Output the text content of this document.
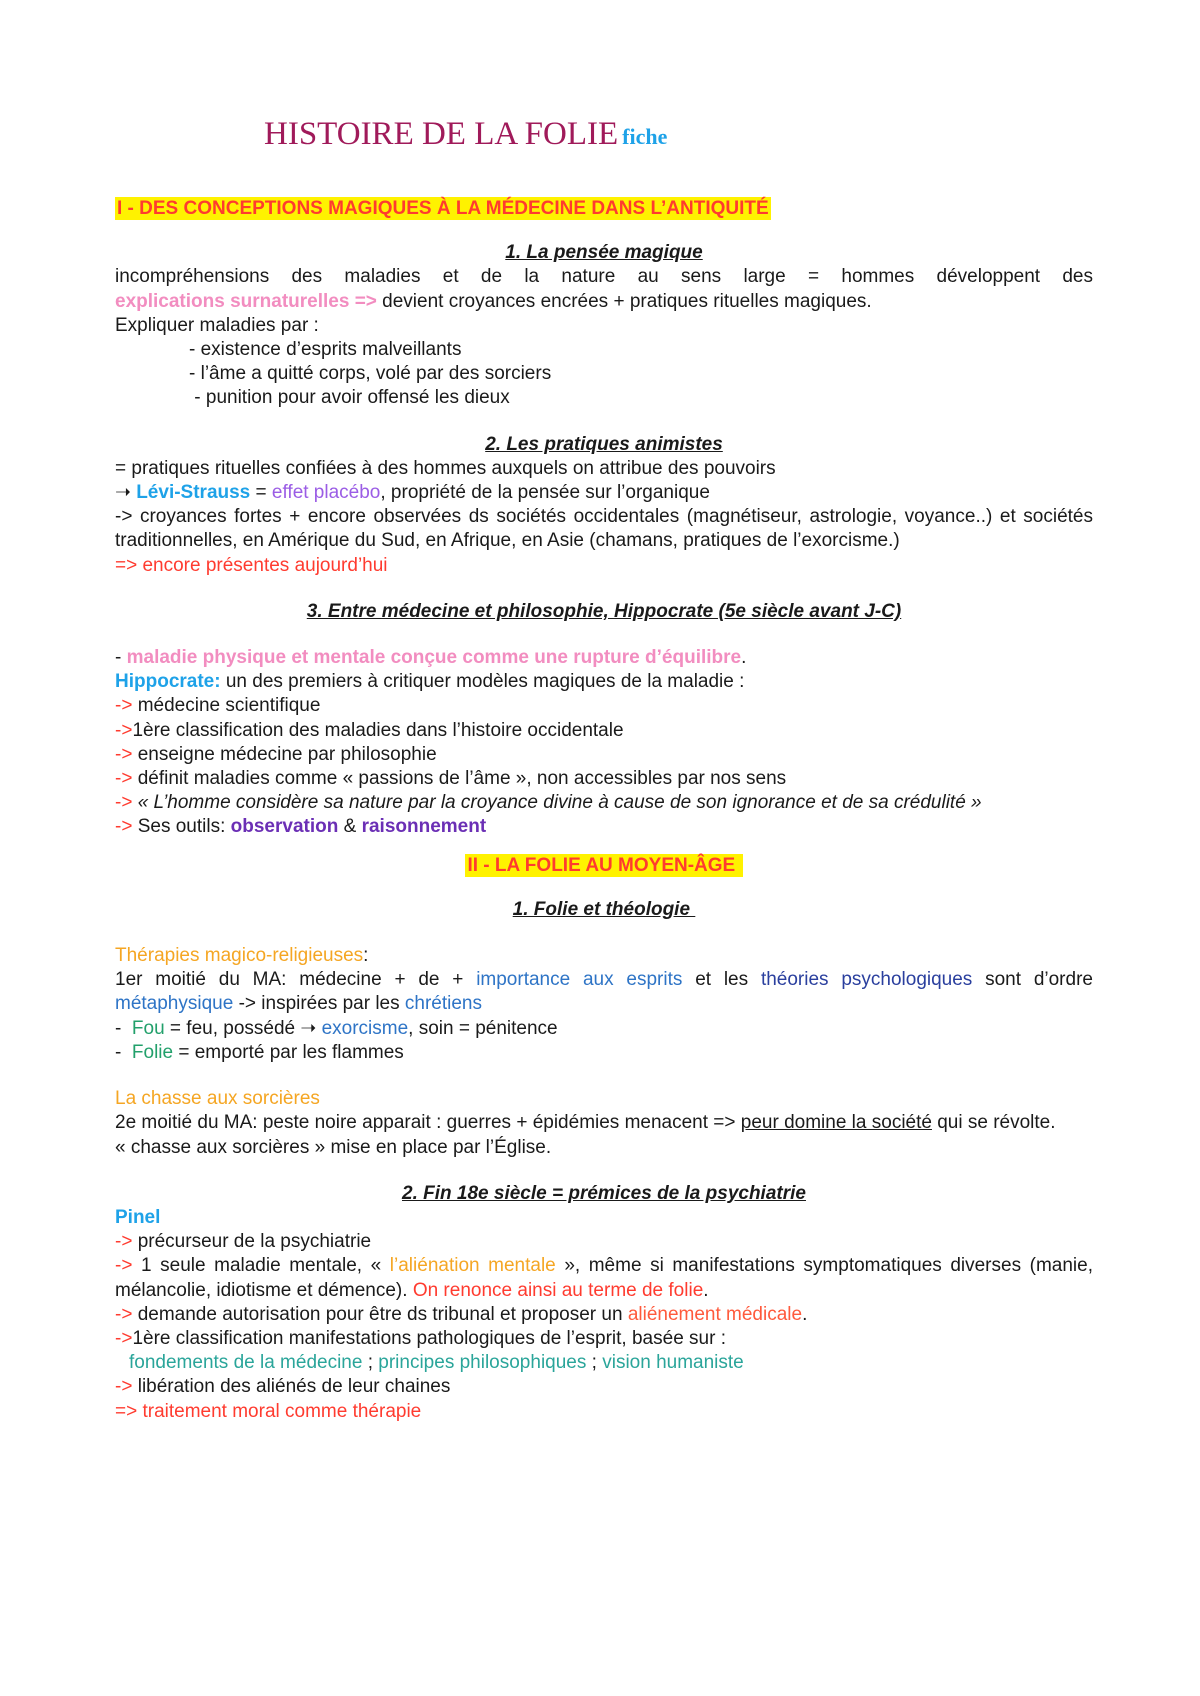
HISTOIRE DE LA FOLIE fiche
I - DES CONCEPTIONS MAGIQUES À LA MÉDECINE DANS L’ANTIQUITÉ

1. La pensée magique

incompréhensions des maladies et de la nature au sens large = hommes développent des

explications surnaturelles => devient croyances encrées + pratiques rituelles magiques.

Expliquer maladies par :

- existence d’esprits malveillants

- l’âme a quitté corps, volé par des sorciers

- punition pour avoir offensé les dieux

2. Les pratiques animistes

= pratiques rituelles confiées à des hommes auxquels on attribue des pouvoirs

➝ Lévi-Strauss = effet placébo, propriété de la pensée sur l’organique

-> croyances fortes + encore observées ds sociétés occidentales (magnétiseur, astrologie, voyance..) et sociétés traditionnelles, en Amérique du Sud, en Afrique, en Asie (chamans, pratiques de l’exorcisme.)

=> encore présentes aujourd’hui

3. Entre médecine et philosophie, Hippocrate (5e siècle avant J-C)

- maladie physique et mentale conçue comme une rupture d’équilibre.

Hippocrate: un des premiers à critiquer modèles magiques de la maladie :

-> médecine scientifique

->1ère classification des maladies dans l’histoire occidentale

-> enseigne médecine par philosophie

-> définit maladies comme « passions de l’âme », non accessibles par nos sens

-> « L’homme considère sa nature par la croyance divine à cause de son ignorance et de sa crédulité »

-> Ses outils: observation & raisonnement

II - LA FOLIE AU MOYEN-ÂGE

1. Folie et théologie

Thérapies magico-religieuses:

1er moitié du MA: médecine + de + importance aux esprits et les théories psychologiques sont d’ordre métaphysique -> inspirées par les chrétiens

-  Fou = feu, possédé ➝ exorcisme, soin = pénitence

-  Folie = emporté par les flammes

La chasse aux sorcières

2e moitié du MA: peste noire apparait : guerres + épidémies menacent => peur domine la société qui se révolte.

« chasse aux sorcières » mise en place par l’Église.

2. Fin 18e siècle = prémices de la psychiatrie

Pinel

-> précurseur de la psychiatrie

-> 1 seule maladie mentale, « l’aliénation mentale », même si manifestations symptomatiques diverses (manie, mélancolie, idiotisme et démence). On renonce ainsi au terme de folie.

-> demande autorisation pour être ds tribunal et proposer un aliénement médicale.

->1ère classification manifestations pathologiques de l’esprit, basée sur :

fondements de la médecine ; principes philosophiques ; vision humaniste

-> libération des aliénés de leur chaines

=> traitement moral comme thérapie
